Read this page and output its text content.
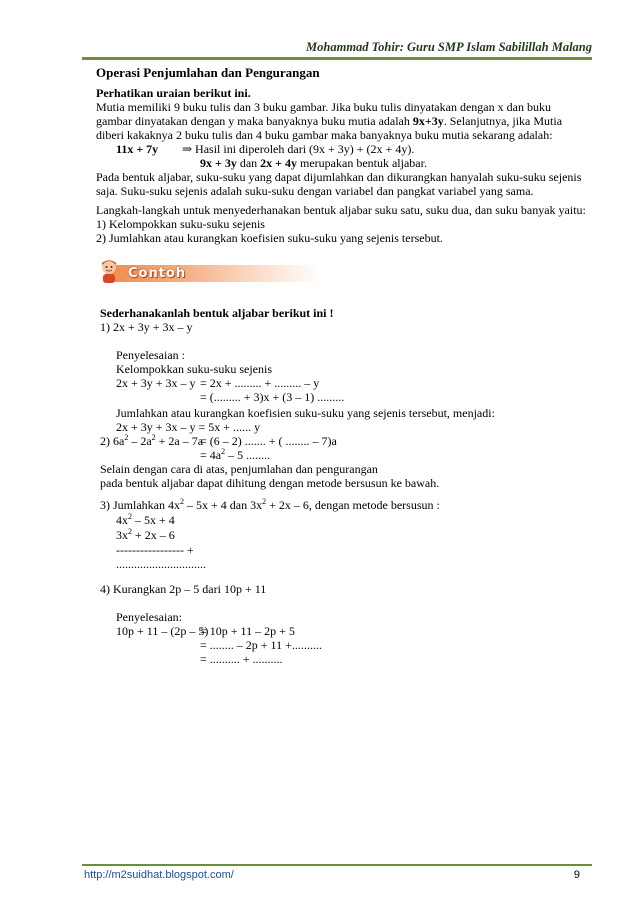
Mohammad Tohir: Guru SMP Islam Sabilillah Malang
Operasi Penjumlahan dan Pengurangan
Perhatikan uraian berikut ini.
Mutia memiliki 9 buku tulis dan 3 buku gambar. Jika buku tulis dinyatakan dengan x dan buku
gambar dinyatakan dengan y maka banyaknya buku mutia adalah 9x+3y. Selanjutnya, jika Mutia
diberi kakaknya 2 buku tulis dan 4 buku gambar maka banyaknya buku mutia sekarang adalah:
11x + 7y ⇒ Hasil ini diperoleh dari (9x + 3y) + (2x + 4y).
9x + 3y dan 2x + 4y merupakan bentuk aljabar.
Pada bentuk aljabar, suku-suku yang dapat dijumlahkan dan dikurangkan hanyalah suku-suku sejenis
saja. Suku-suku sejenis adalah suku-suku dengan variabel dan pangkat variabel yang sama.
Langkah-langkah untuk menyederhanakan bentuk aljabar suku satu, suku dua, dan suku banyak yaitu:
1) Kelompokkan suku-suku sejenis
2) Jumlahkan atau kurangkan koefisien suku-suku yang sejenis tersebut.
Contoh
Sederhanakanlah bentuk aljabar berikut ini !
1) 2x + 3y + 3x – y
Penyelesaian :
Kelompokkan suku-suku sejenis
2x + 3y + 3x – y = 2x + ......... + ......... – y
= (......... + 3)x + (3 – 1) .........
Jumlahkan atau kurangkan koefisien suku-suku yang sejenis tersebut, menjadi:
2x + 3y + 3x – y = 5x + ...... y
2) $6a^2 - 2a^2 + 2a - 7a$
= (6 – 2) ....... + ( ........ – 7)a
= $4a^2 - 5$ ........
Selain dengan cara di atas, penjumlahan dan pengurangan
pada bentuk aljabar dapat dihitung dengan metode bersusun ke bawah.
3) Jumlahkan $4x^2 - 5x + 4$ dan $3x^2 + 2x - 6$, dengan metode bersusun :
$4x^2 - 5x + 4$
$3x^2 + 2x - 6$
----------------- +
..............................
4) Kurangkan 2p – 5 dari 10p + 11
Penyelesaian:
10p + 11 – (2p – 5)
= 10p + 11 – 2p + 5
= ........ – 2p + 11 +..........
= .......... + ..........
http://m2suidhat.blogspot.com/	9
